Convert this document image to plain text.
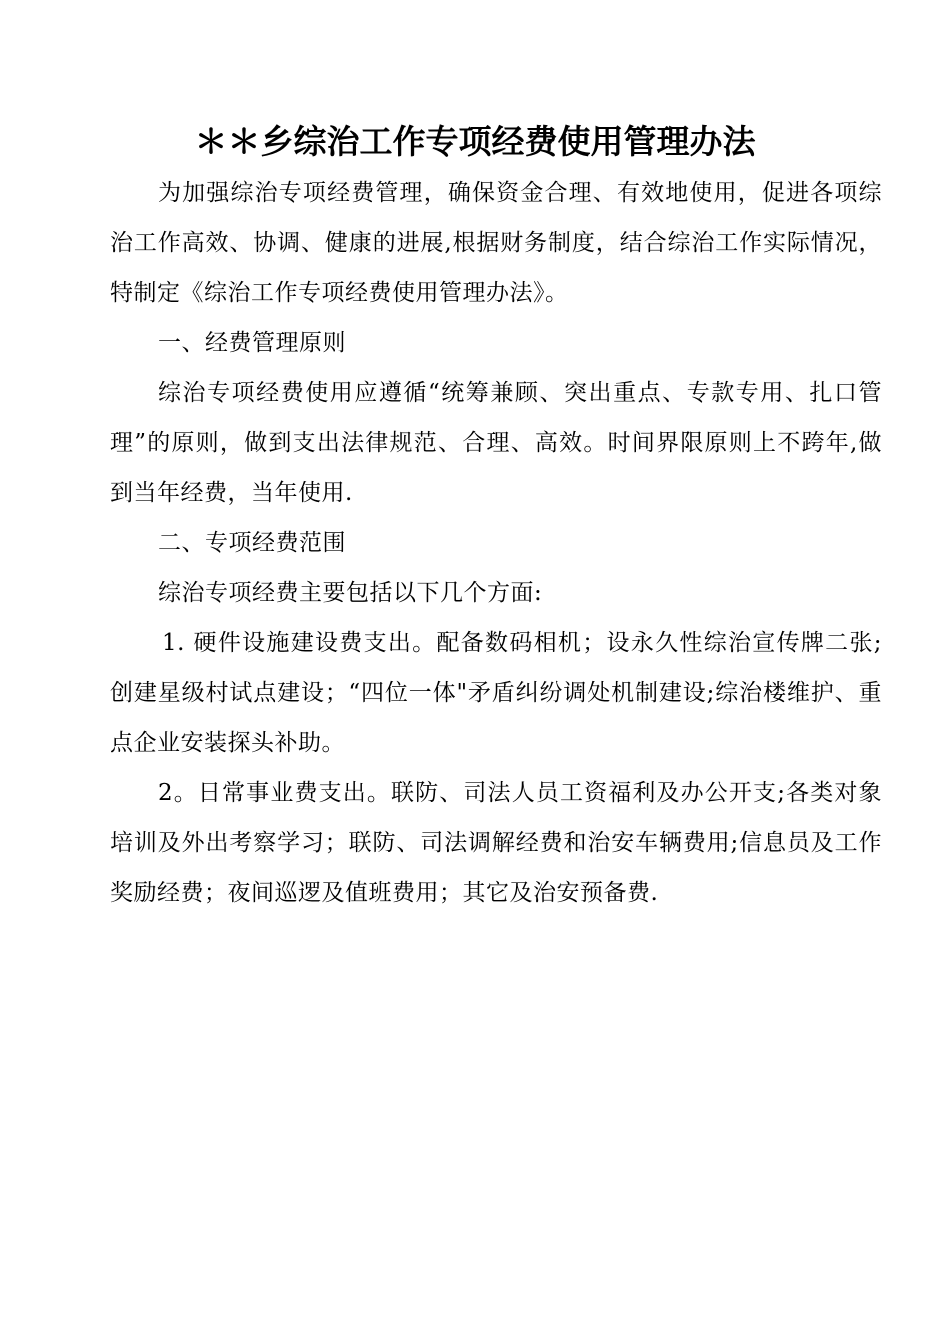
＊＊乡综治工作专项经费使用管理办法

为加强综治专项经费管理，确保资金合理、有效地使用，促进各项综治工作高效、协调、健康的进展,根据财务制度，结合综治工作实际情况，特制定《综治工作专项经费使用管理办法》。

一、经费管理原则

综治专项经费使用应遵循“统筹兼顾、突出重点、专款专用、扎口管理”的原则，做到支出法律规范、合理、高效。时间界限原则上不跨年,做到当年经费，当年使用.

二、专项经费范围

综治专项经费主要包括以下几个方面:

1. 硬件设施建设费支出。配备数码相机；设永久性综治宣传牌二张;创建星级村试点建设；“四位一体"矛盾纠纷调处机制建设;综治楼维护、重点企业安装探头补助。

2。日常事业费支出。联防、司法人员工资福利及办公开支;各类对象培训及外出考察学习；联防、司法调解经费和治安车辆费用;信息员及工作奖励经费；夜间巡逻及值班费用；其它及治安预备费.
